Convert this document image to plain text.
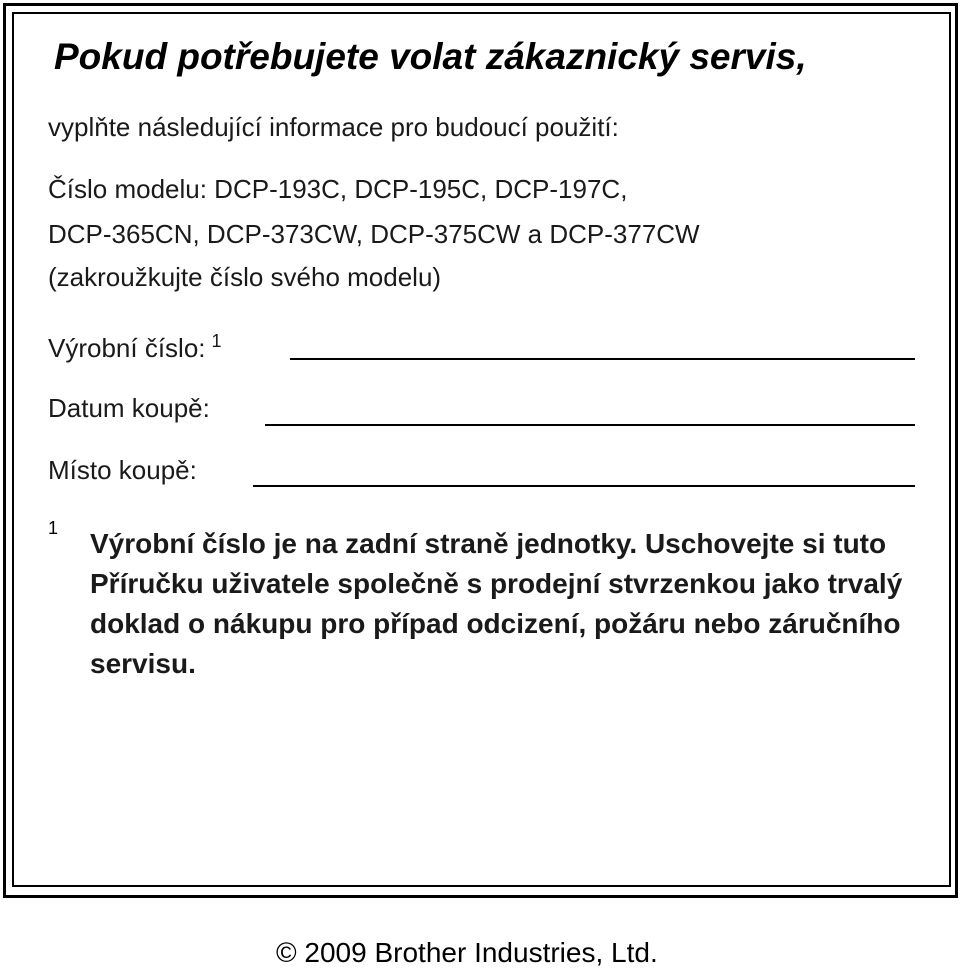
Pokud potřebujete volat zákaznický servis,
vyplňte následující informace pro budoucí použití:
Číslo modelu: DCP-193C, DCP-195C, DCP-197C,
DCP-365CN, DCP-373CW, DCP-375CW a DCP-377CW
(zakroužkujte číslo svého modelu)
Výrobní číslo: $^1$
Datum koupě:
Místo koupě:
1 Výrobní číslo je na zadní straně jednotky. Uschovejte si tuto Příručku uživatele společně s prodejní stvrzenkou jako trvalý doklad o nákupu pro případ odcizení, požáru nebo záručního servisu.
© 2009 Brother Industries, Ltd.
